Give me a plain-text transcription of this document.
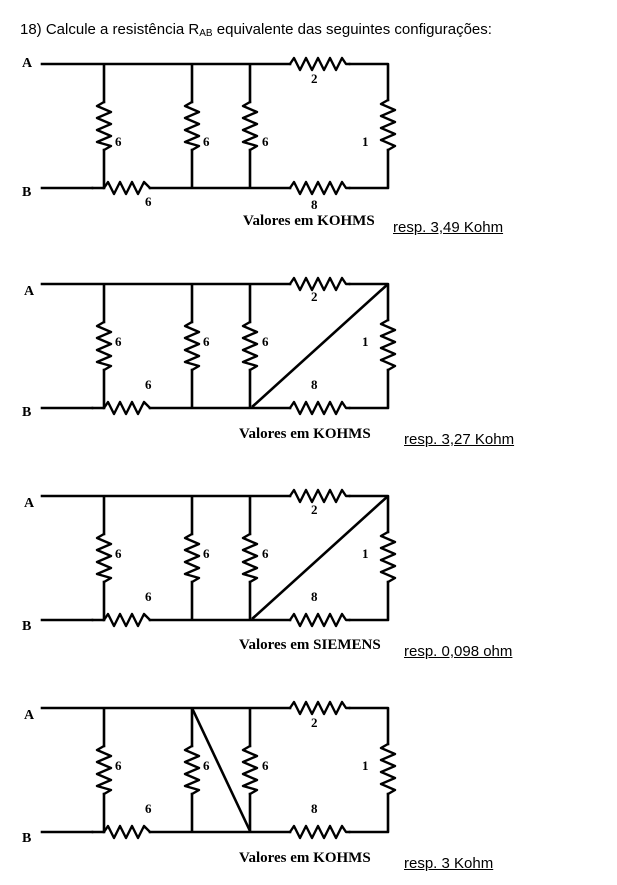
18) Calcule a resistência $R_{AB}$ equivalente das seguintes configurações:
A
B
6	6	6
6
2
1
8
Valores em KOHMS resp. 3,49 Kohm
A
B
6	6	6
6
2
1
8
Valores em KOHMS resp. 3,27 Kohm
A
B
6	6	6
6
2
1
8
Valores em SIEMENS resp. 0,098 ohm
A
B
6	6	6
6
2
1
8
Valores em KOHMS resp. 3 Kohm
